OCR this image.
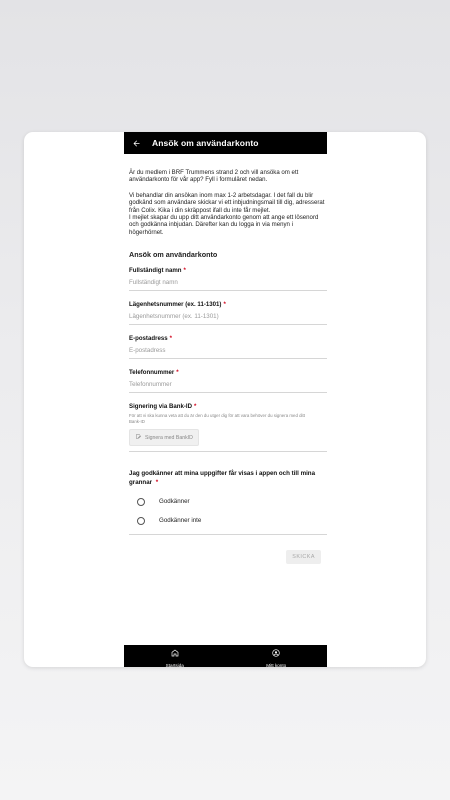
Ansök om användarkonto

Är du medlem i BRF Trummens strand 2 och vill ansöka om ett användarkonto för vår app? Fyll i formuläret nedan.

Vi behandlar din ansökan inom max 1-2 arbetsdagar. I det fall du blir godkänd som användare skickar vi ett inbjudningsmail till dig, adresserat från Colix. Kika i din skräppost ifall du inte får mejlet.
I mejlet skapar du upp ditt användarkonto genom att ange ett lösenord och godkänna inbjudan. Därefter kan du logga in via menyn i högerhörnet.

Ansök om användarkonto
Fullständigt namn *
Fullständigt namn
Lägenhetsnummer (ex. 11-1301) *
Lägenhetsnummer (ex. 11-1301)
E-postadress *
E-postadress
Telefonnummer *
Telefonnummer
Signering via Bank-ID *
För att vi ska kunna veta att du är den du utger dig för att vara behöver du signera med ditt Bank-ID
Signera med BankID
Jag godkänner att mina uppgifter får visas i appen och till mina grannar *
Godkänner
Godkänner inte
SKICKA
Startsida	Mitt konto
